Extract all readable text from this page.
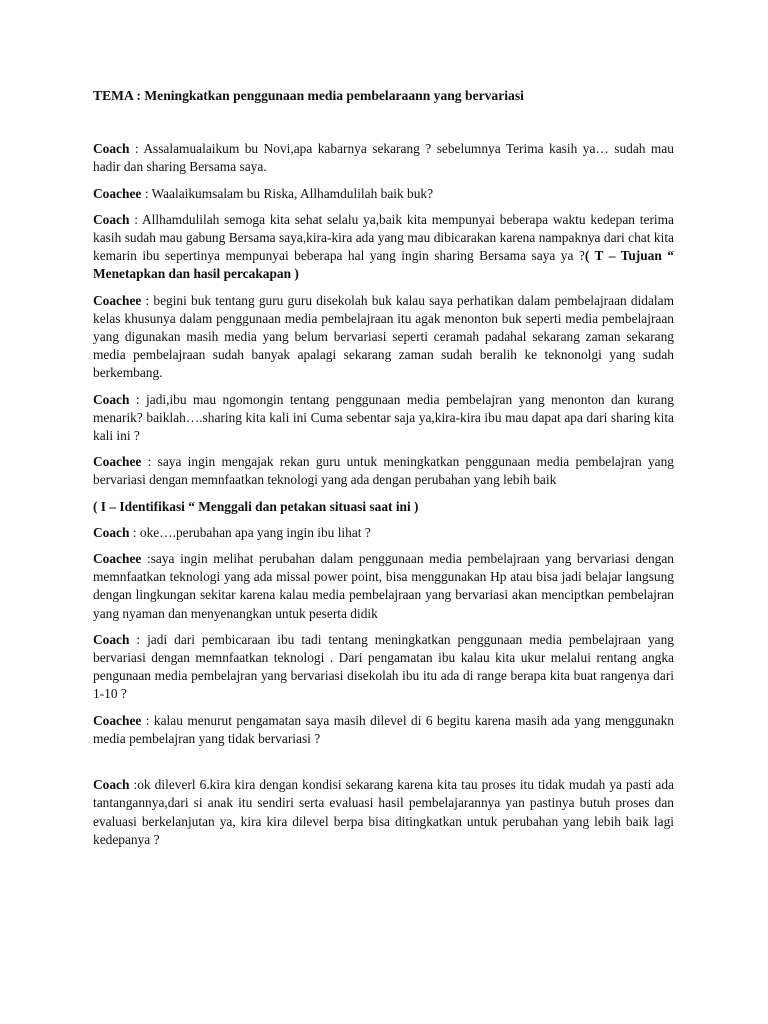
TEMA : Meningkatkan penggunaan media pembelaraann yang bervariasi

Coach : Assalamualaikum bu Novi,apa kabarnya sekarang ? sebelumnya Terima kasih ya… sudah mau hadir dan sharing Bersama saya.

Coachee : Waalaikumsalam bu Riska, Allhamdulilah baik buk?

Coach : Allhamdulilah semoga kita sehat selalu ya,baik kita mempunyai beberapa waktu kedepan terima kasih sudah mau gabung Bersama saya,kira-kira ada yang mau dibicarakan karena nampaknya dari chat kita kemarin ibu sepertinya mempunyai beberapa hal yang ingin sharing Bersama saya ya ?( T – Tujuan “ Menetapkan dan hasil percakapan )

Coachee : begini buk tentang guru guru disekolah buk kalau saya perhatikan dalam pembelajraan didalam kelas khusunya dalam penggunaan media pembelajraan itu agak menonton buk seperti media pembelajraan yang digunakan masih media yang belum bervariasi seperti ceramah padahal sekarang zaman sekarang media pembelajraan sudah banyak apalagi sekarang zaman sudah beralih ke teknonolgi yang sudah berkembang.

Coach : jadi,ibu mau ngomongin tentang penggunaan media pembelajran yang menonton dan kurang menarik? baiklah….sharing kita kali ini Cuma sebentar saja ya,kira-kira ibu mau dapat apa dari sharing kita kali ini ?

Coachee : saya ingin mengajak rekan guru untuk meningkatkan penggunaan media pembelajran yang bervariasi dengan memnfaatkan teknologi yang ada dengan perubahan yang lebih baik

( I – Identifikasi “ Menggali dan petakan situasi saat ini )

Coach : oke….perubahan apa yang ingin ibu lihat ?

Coachee :saya ingin melihat perubahan dalam penggunaan media pembelajraan yang bervariasi dengan memnfaatkan teknologi yang ada missal power point, bisa menggunakan Hp atau bisa jadi belajar langsung dengan lingkungan sekitar karena kalau media pembelajraan yang bervariasi akan menciptkan pembelajran yang nyaman dan menyenangkan untuk peserta didik

Coach : jadi dari pembicaraan ibu tadi tentang meningkatkan penggunaan media pembelajraan yang bervariasi dengan memnfaatkan teknologi . Dari pengamatan ibu kalau kita ukur melalui rentang angka pengunaan media pembelajran yang bervariasi disekolah ibu itu ada di range berapa kita buat rangenya dari 1-10 ?

Coachee : kalau menurut pengamatan saya masih dilevel di 6 begitu karena masih ada yang menggunakn media pembelajran yang tidak bervariasi ?

Coach :ok dileverl 6.kira kira dengan kondisi sekarang karena kita tau proses itu tidak mudah ya pasti ada tantangannya,dari si anak itu sendiri serta evaluasi hasil pembelajarannya yan pastinya butuh proses dan evaluasi berkelanjutan ya, kira kira dilevel berpa bisa ditingkatkan untuk perubahan yang lebih baik lagi kedepanya ?
